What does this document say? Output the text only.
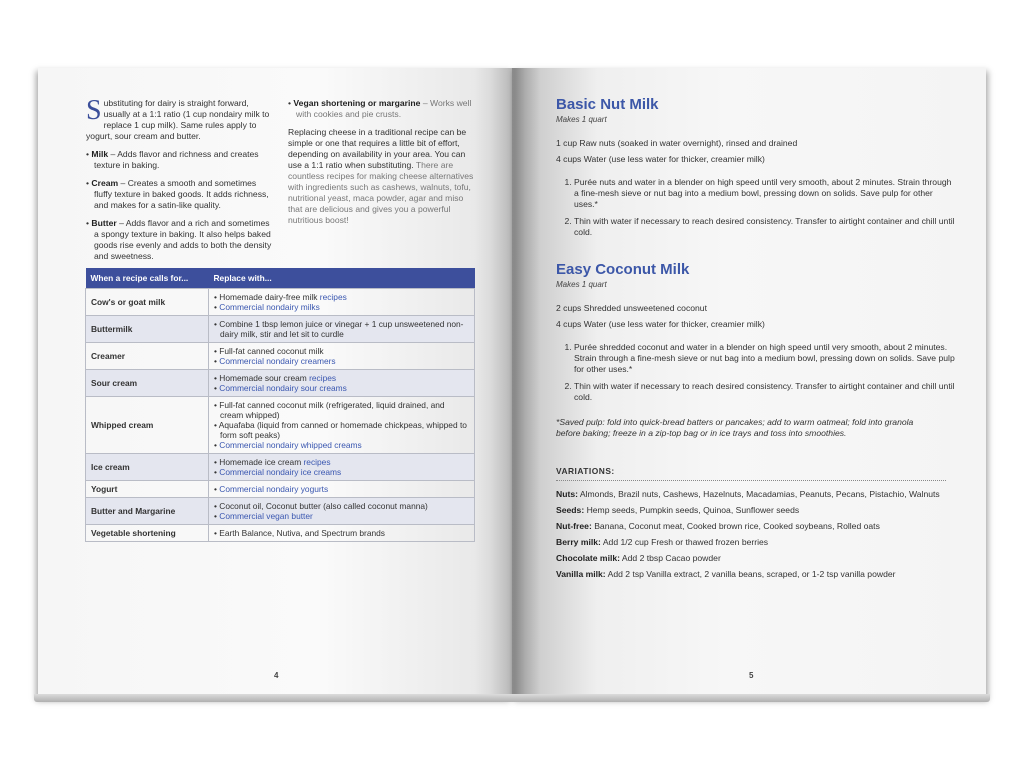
Substituting for dairy is straight forward, usually at a 1:1 ratio (1 cup nondairy milk to replace 1 cup milk). Same rules apply to yogurt, sour cream and butter.

• Milk – Adds flavor and richness and creates texture in baking.
• Cream – Creates a smooth and sometimes fluffy texture in baked goods. It adds richness, and makes for a satin-like quality.
• Butter – Adds flavor and a rich and sometimes a spongy texture in baking. It also helps baked goods rise evenly and adds to both the density and sweetness.
• Vegan shortening or margarine – Works well with cookies and pie crusts.

Replacing cheese in a traditional recipe can be simple or one that requires a little bit of effort, depending on availability in your area. You can use a 1:1 ratio when substituting. There are countless recipes for making cheese alternatives with ingredients such as cashews, walnuts, tofu, nutritional yeast, maca powder, agar and miso that are delicious and gives you a powerful nutritious boost!

When a recipe calls for...	Replace with...
Cow's or goat milk	• Homemade dairy-free milk recipes
• Commercial nondairy milks

Buttermilk	• Combine 1 tbsp lemon juice or vinegar + 1 cup unsweetened non-dairy milk, stir and let sit to curdle

Creamer	• Full-fat canned coconut milk
• Commercial nondairy creamers

Sour cream	• Homemade sour cream recipes
• Commercial nondairy sour creams

Whipped cream	• Full-fat canned coconut milk (refrigerated, liquid drained, and cream whipped)
• Aquafaba (liquid from canned or homemade chickpeas, whipped to form soft peaks)
• Commercial nondairy whipped creams

Ice cream	• Homemade ice cream recipes
• Commercial nondairy ice creams

Yogurt	• Commercial nondairy yogurts

Butter and Margarine	• Coconut oil, Coconut butter (also called coconut manna)
• Commercial vegan butter

Vegetable shortening	• Earth Balance, Nutiva, and Spectrum brands
4
Basic Nut Milk
Makes 1 quart

1 cup Raw nuts (soaked in water overnight), rinsed and drained

4 cups Water (use less water for thicker, creamier milk)

1. Purée nuts and water in a blender on high speed until very smooth, about 2 minutes. Strain through a fine-mesh sieve or nut bag into a medium bowl, pressing down on solids. Save pulp for other uses.*
2. Thin with water if necessary to reach desired consistency. Transfer to airtight container and chill until cold.
Easy Coconut Milk
Makes 1 quart

2 cups Shredded unsweetened coconut

4 cups Water (use less water for thicker, creamier milk)

1. Purée shredded coconut and water in a blender on high speed until very smooth, about 2 minutes. Strain through a fine-mesh sieve or nut bag into a medium bowl, pressing down on solids. Save pulp for other uses.*
2. Thin with water if necessary to reach desired consistency. Transfer to airtight container and chill until cold.

*Saved pulp: fold into quick-bread batters or pancakes; add to warm oatmeal; fold into granola before baking; freeze in a zip-top bag or in ice trays and toss into smoothies.

VARIATIONS:

Nuts: Almonds, Brazil nuts, Cashews, Hazelnuts, Macadamias, Peanuts, Pecans, Pistachio, Walnuts

Seeds: Hemp seeds, Pumpkin seeds, Quinoa, Sunflower seeds

Nut-free: Banana, Coconut meat, Cooked brown rice, Cooked soybeans, Rolled oats

Berry milk: Add 1/2 cup Fresh or thawed frozen berries

Chocolate milk: Add 2 tbsp Cacao powder

Vanilla milk: Add 2 tsp Vanilla extract, 2 vanilla beans, scraped, or 1-2 tsp vanilla powder

5
